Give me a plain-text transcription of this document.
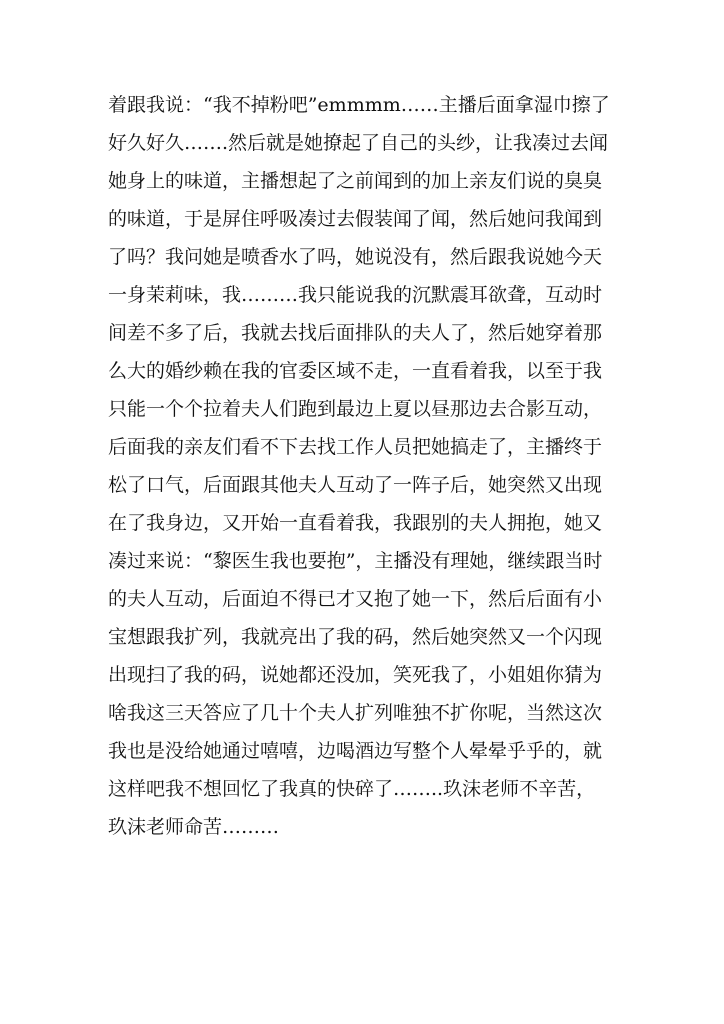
着跟我说：“我不掉粉吧”emmmm……主播后面拿湿巾擦了
好久好久…….然后就是她撩起了自己的头纱，让我凑过去闻
她身上的味道，主播想起了之前闻到的加上亲友们说的臭臭
的味道，于是屏住呼吸凑过去假装闻了闻，然后她问我闻到
了吗？我问她是喷香水了吗，她说没有，然后跟我说她今天
一身茉莉味，我………我只能说我的沉默震耳欲聋，互动时
间差不多了后，我就去找后面排队的夫人了，然后她穿着那
么大的婚纱赖在我的官委区域不走，一直看着我，以至于我
只能一个个拉着夫人们跑到最边上夏以昼那边去合影互动，
后面我的亲友们看不下去找工作人员把她搞走了，主播终于
松了口气，后面跟其他夫人互动了一阵子后，她突然又出现
在了我身边，又开始一直看着我，我跟别的夫人拥抱，她又
凑过来说：“黎医生我也要抱”，主播没有理她，继续跟当时
的夫人互动，后面迫不得已才又抱了她一下，然后后面有小
宝想跟我扩列，我就亮出了我的码，然后她突然又一个闪现
出现扫了我的码，说她都还没加，笑死我了，小姐姐你猜为
啥我这三天答应了几十个夫人扩列唯独不扩你呢，当然这次
我也是没给她通过嘻嘻，边喝酒边写整个人晕晕乎乎的，就
这样吧我不想回忆了我真的快碎了……..玖沫老师不辛苦，
玖沫老师命苦………
